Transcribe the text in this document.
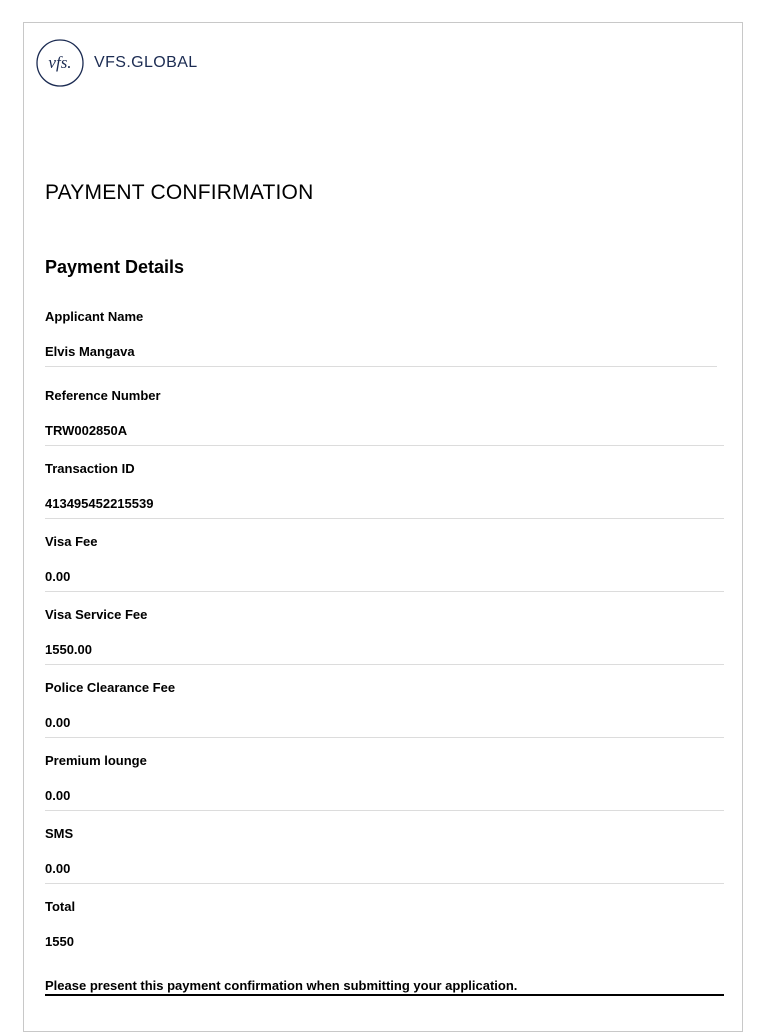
vfs. VFS.GLOBAL
PAYMENT CONFIRMATION
Payment Details
Applicant Name
Elvis Mangava
Reference Number
TRW002850A
Transaction ID
413495452215539
Visa Fee
0.00
Visa Service Fee
1550.00
Police Clearance Fee
0.00
Premium lounge
0.00
SMS
0.00
Total
1550
Please present this payment confirmation when submitting your application.
